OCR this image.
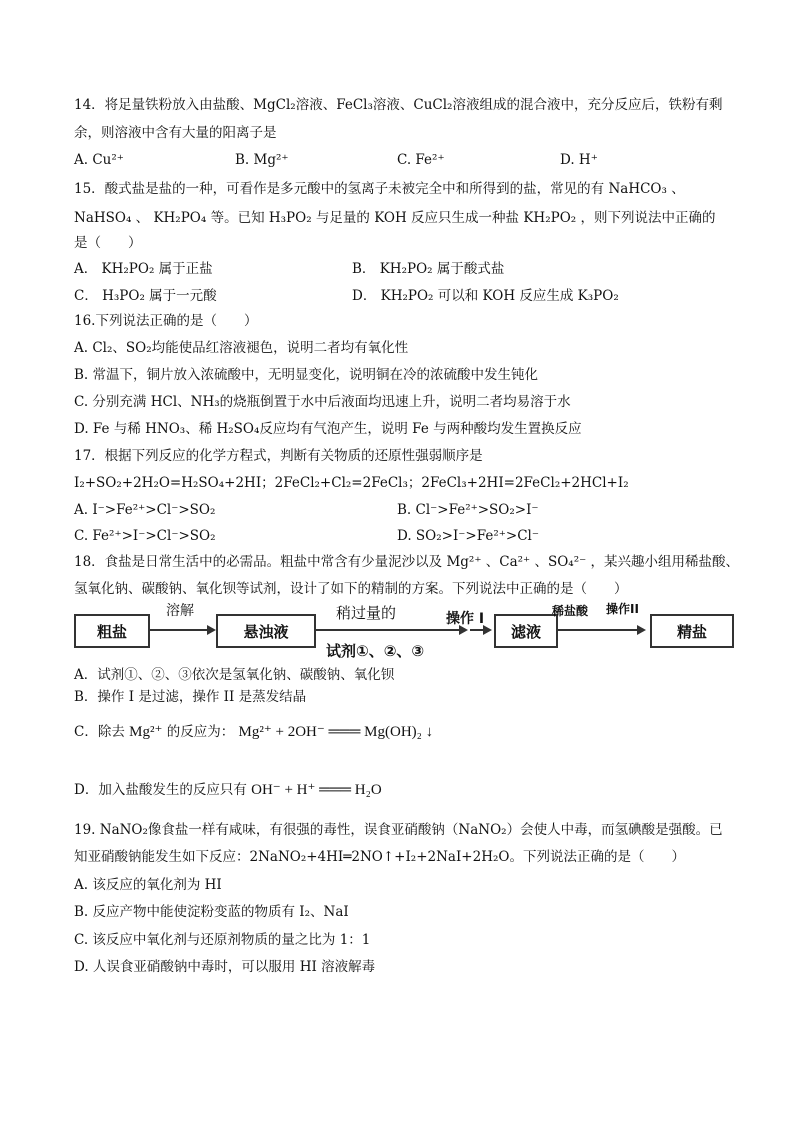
14．将足量铁粉放入由盐酸、MgCl₂溶液、FeCl₃溶液、CuCl₂溶液组成的混合液中，充分反应后，铁粉有剩
余，则溶液中含有大量的阳离子是
A. Cu²⁺	B. Mg²⁺	C. Fe²⁺	D. H⁺
15．酸式盐是盐的一种，可看作是多元酸中的氢离子未被完全中和所得到的盐，常见的有 NaHCO₃ 、
NaHSO₄ 、 KH₂PO₄ 等。已知 H₃PO₂ 与足量的 KOH 反应只生成一种盐 KH₂PO₂ ，则下列说法中正确的
是（　　）
A． KH₂PO₂ 属于正盐	B． KH₂PO₂ 属于酸式盐
C． H₃PO₂ 属于一元酸	D． KH₂PO₂ 可以和 KOH 反应生成 K₃PO₂
16.下列说法正确的是（　　）
A. Cl₂、SO₂均能使品红溶液褪色，说明二者均有氧化性
B. 常温下，铜片放入浓硫酸中，无明显变化，说明铜在冷的浓硫酸中发生钝化
C. 分别充满 HCl、NH₃的烧瓶倒置于水中后液面均迅速上升，说明二者均易溶于水
D. Fe 与稀 HNO₃、稀 H₂SO₄反应均有气泡产生，说明 Fe 与两种酸均发生置换反应
17．根据下列反应的化学方程式，判断有关物质的还原性强弱顺序是
I₂+SO₂+2H₂O=H₂SO₄+2HI；2FeCl₂+Cl₂=2FeCl₃；2FeCl₃+2HI=2FeCl₂+2HCl+I₂
A. I⁻>Fe²⁺>Cl⁻>SO₂	B. Cl⁻>Fe²⁺>SO₂>I⁻
C. Fe²⁺>I⁻>Cl⁻>SO₂	D. SO₂>I⁻>Fe²⁺>Cl⁻
18．食盐是日常生活中的必需品。粗盐中常含有少量泥沙以及 Mg²⁺ 、Ca²⁺ 、SO₄²⁻ ，某兴趣小组用稀盐酸、
氢氧化钠、碳酸钠、氧化钡等试剂，设计了如下的精制的方案。下列说法中正确的是（　　）
粗盐
溶解
悬浊液
稍过量的
试剂①、②、③
操作 I
滤液
稀盐酸 操作II
精盐
A．试剂①、②、③依次是氢氧化钠、碳酸钠、氧化钡
B．操作 I 是过滤，操作 II 是蒸发结晶
C．除去 Mg²⁺ 的反应为： Mg²⁺ + 2OH⁻ ═══ Mg(OH)₂ ↓
D．加入盐酸发生的反应只有 OH⁻ + H⁺ ═══ H₂O
19. NaNO₂像食盐一样有咸味，有很强的毒性，误食亚硝酸钠（NaNO₂）会使人中毒，而氢碘酸是强酸。已
知亚硝酸钠能发生如下反应：2NaNO₂+4HI═2NO↑+I₂+2NaI+2H₂O。下列说法正确的是（　　）
A. 该反应的氧化剂为 HI
B. 反应产物中能使淀粉变蓝的物质有 I₂、NaI
C. 该反应中氧化剂与还原剂物质的量之比为 1：1
D. 人误食亚硝酸钠中毒时，可以服用 HI 溶液解毒
